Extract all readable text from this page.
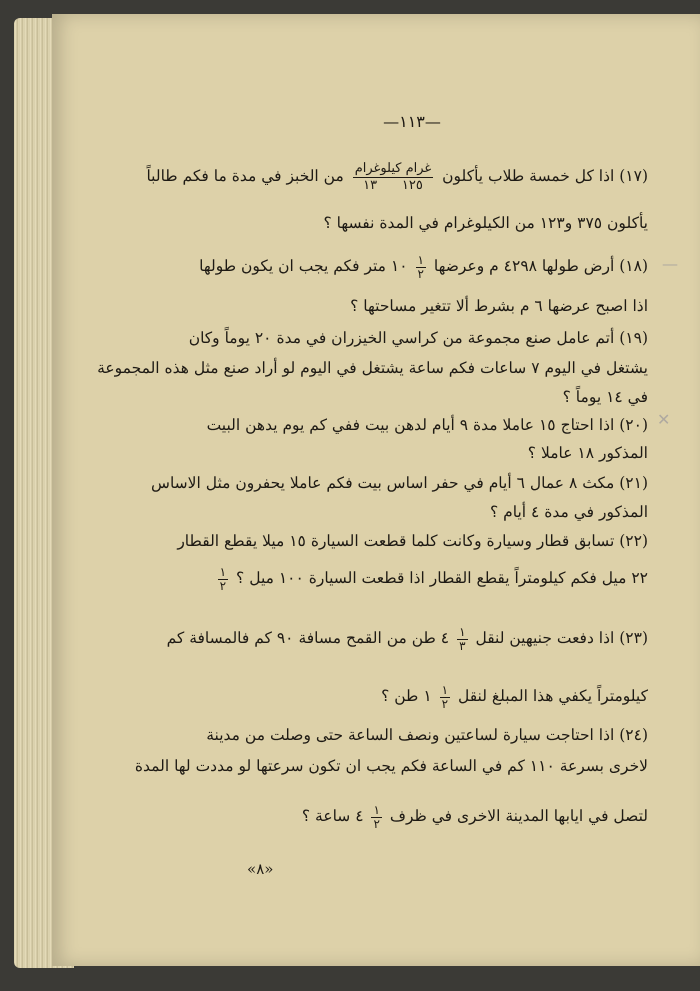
—١١٣—
(١٧) اذا كل خمسة طلاب يأكلون
$\frac{\text{غرام كيلوغرام}}{١٢٥ ١٣}$
من الخبز في مدة ما فكم طالباً
يأكلون ٣٧٥ و١٢٣ من الكيلوغرام في المدة نفسها ؟
(١٨) أرض طولها ٤٢٩٨ م وعرضها
$\frac{١}{٢}$
١٠ متر فكم يجب ان يكون طولها
اذا اصبح عرضها ٦ م بشرط ألا تتغير مساحتها ؟
(١٩) أتم عامل صنع مجموعة من كراسي الخيزران في مدة ٢٠ يوماً وكان
يشتغل في اليوم ٧ ساعات فكم ساعة يشتغل في اليوم لو أراد صنع مثل هذه المجموعة
في ١٤ يوماً ؟
(٢٠) اذا احتاج ١٥ عاملا مدة ٩ أيام لدهن بيت ففي كم يوم يدهن البيت
المذكور ١٨ عاملا ؟
(٢١) مكث ٨ عمال ٦ أيام في حفر اساس بيت فكم عاملا يحفرون مثل الاساس
المذكور في مدة ٤ أيام ؟
(٢٢) تسابق قطار وسيارة وكانت كلما قطعت السيارة ١٥ ميلا يقطع القطار
٢٢ ميل فكم كيلومتراً يقطع القطار اذا قطعت السيارة ١٠٠ ميل ؟
$\frac{١}{٢}$
(٢٣) اذا دفعت جنيهين لنقل
$\frac{١}{٣}$
٤ طن من القمح مسافة ٩٠ كم فالمسافة كم
كيلومتراً يكفي هذا المبلغ لنقل
$\frac{١}{٢}$
١ طن ؟
(٢٤) اذا احتاجت سيارة لساعتين ونصف الساعة حتى وصلت من مدينة
لاخرى بسرعة ١١٠ كم في الساعة فكم يجب ان تكون سرعتها لو مددت لها المدة
لتصل في ايابها المدينة الاخرى في ظرف
$\frac{١}{٢}$
٤ ساعة ؟
«٨»
—
✕
